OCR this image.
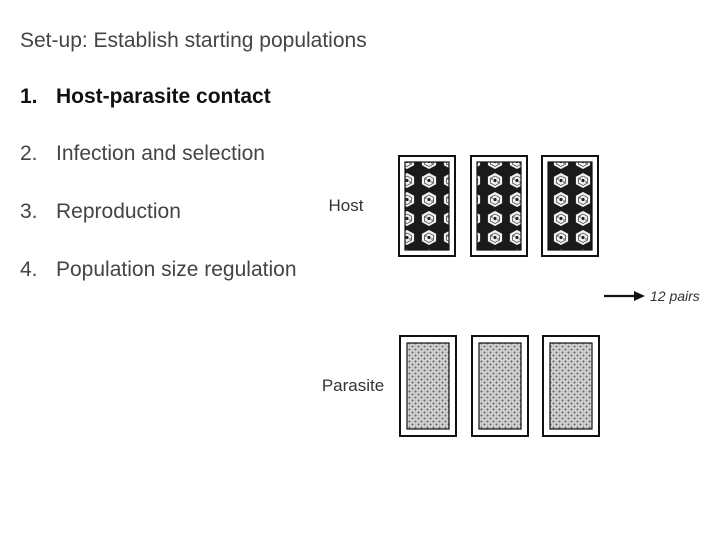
Set-up: Establish starting populations
1. Host-parasite contact
2. Infection and selection
3. Reproduction
4. Population size regulation
Host
12 pairs
Parasite
